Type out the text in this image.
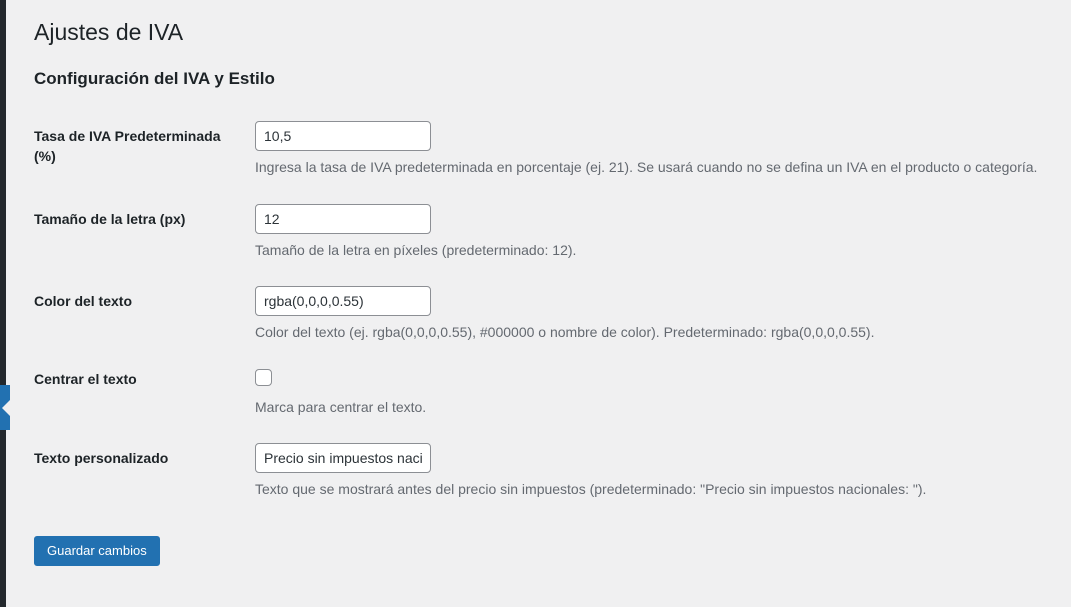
Ajustes de IVA
Configuración del IVA y Estilo
Tasa de IVA Predeterminada (%)
10,5

Ingresa la tasa de IVA predeterminada en porcentaje (ej. 21). Se usará cuando no se defina un IVA en el producto o categoría.

Tamaño de la letra (px)
12

Tamaño de la letra en píxeles (predeterminado: 12).

Color del texto
rgba(0,0,0,0.55)

Color del texto (ej. rgba(0,0,0,0.55), #000000 o nombre de color). Predeterminado: rgba(0,0,0,0.55).

Centrar el texto

Marca para centrar el texto.

Texto personalizado
Precio sin impuestos nacionales:

Texto que se mostrará antes del precio sin impuestos (predeterminado: "Precio sin impuestos nacionales: ").

Guardar cambios
